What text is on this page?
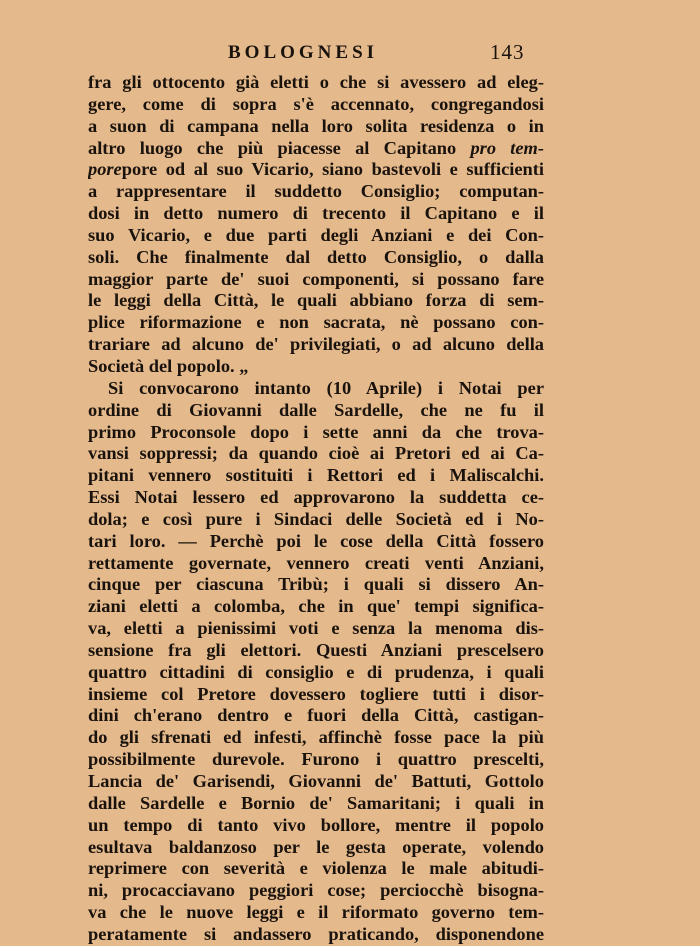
BOLOGNESI	143
fra gli ottocento già eletti o che si avessero ad eleg-
gere, come di sopra s'è accennato, congregandosi
a suon di campana nella loro solita residenza o in
altro luogo che più piacesse al Capitano pro tem-
porepore od al suo Vicario, siano bastevoli e sufficienti
a rappresentare il suddetto Consiglio; computan-
dosi in detto numero di trecento il Capitano e il
suo Vicario, e due parti degli Anziani e dei Con-
soli. Che finalmente dal detto Consiglio, o dalla
maggior parte de' suoi componenti, si possano fare
le leggi della Città, le quali abbiano forza di sem-
plice riformazione e non sacrata, nè possano con-
trariare ad alcuno de' privilegiati, o ad alcuno della
Società del popolo. „
Si convocarono intanto (10 Aprile) i Notai per
ordine di Giovanni dalle Sardelle, che ne fu il
primo Proconsole dopo i sette anni da che trova-
vansi soppressi; da quando cioè ai Pretori ed ai Ca-
pitani vennero sostituiti i Rettori ed i Maliscalchi.
Essi Notai lessero ed approvarono la suddetta ce-
dola; e così pure i Sindaci delle Società ed i No-
tari loro. — Perchè poi le cose della Città fossero
rettamente governate, vennero creati venti Anziani,
cinque per ciascuna Tribù; i quali si dissero An-
ziani eletti a colomba, che in que' tempi significa-
va, eletti a pienissimi voti e senza la menoma dis-
sensione fra gli elettori. Questi Anziani prescelsero
quattro cittadini di consiglio e di prudenza, i quali
insieme col Pretore dovessero togliere tutti i disor-
dini ch'erano dentro e fuori della Città, castigan-
do gli sfrenati ed infesti, affinchè fosse pace la più
possibilmente durevole. Furono i quattro prescelti,
Lancia de' Garisendi, Giovanni de' Battuti, Gottolo
dalle Sardelle e Bornio de' Samaritani; i quali in
un tempo di tanto vivo bollore, mentre il popolo
esultava baldanzoso per le gesta operate, volendo
reprimere con severità e violenza le male abitudi-
ni, procacciavano peggiori cose; perciocchè bisogna-
va che le nuove leggi e il riformato governo tem-
peratamente si andassero praticando, disponendone
